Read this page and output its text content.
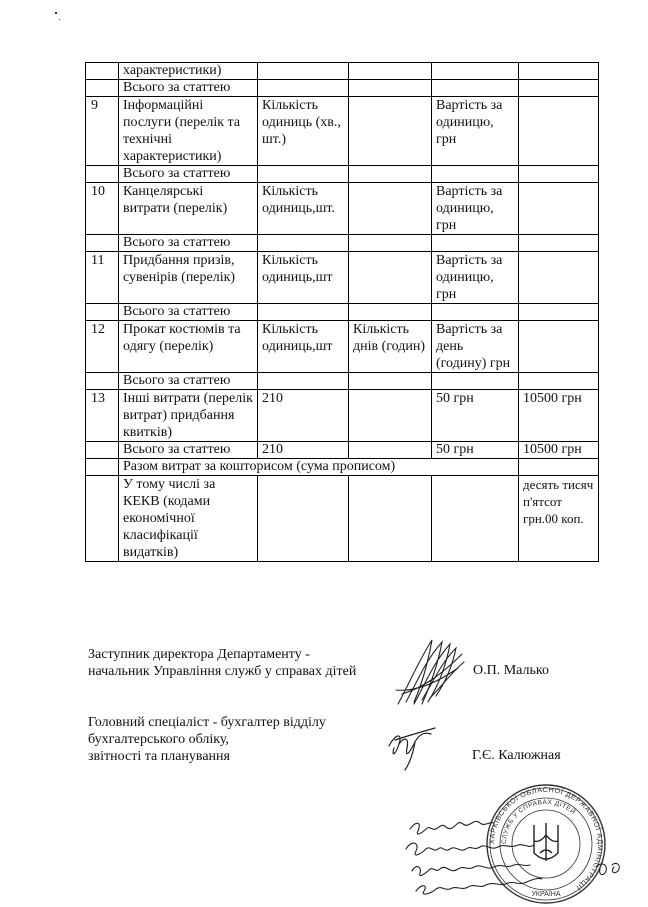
	характеристики)				
	Всього за статтею				
9	Інформаційні послуги (перелік та технічні характеристики)	Кількість одиниць (хв., шт.)		Вартість за одиницю, грн	
	Всього за статтею				
10	Канцелярські витрати (перелік)	Кількість одиниць,шт.		Вартість за одиницю, грн	
	Всього за статтею				
11	Придбання призів, сувенірів (перелік)	Кількість одиниць,шт		Вартість за одиницю, грн	
	Всього за статтею				
12	Прокат костюмів та одягу (перелік)	Кількість одиниць,шт	Кількість днів (годин)	Вартість за день (годину) грн	
	Всього за статтею				
13	Інші витрати (перелік витрат) придбання квитків)	210		50 грн	10500 грн
	Всього за статтею	210		50 грн	10500 грн
	Разом витрат за кошторисом (сума прописом)				
	У тому числі за КЕКВ (кодами економічної класифікації видатків)				десять тисяч п'ятсот грн.00 коп.
Заступник директора Департаменту -
начальник Управління служб у справах дітей	О.П. Малько
Головний спеціаліст - бухгалтер відділу
бухгалтерського обліку,
звітності та планування	Г.Є. Калюжная
ХАРКІВСЬКОЇ ОБЛАСНОЇ ДЕРЖАВНОЇ АДМІНІСТРАЦІЇ
СЛУЖБ У СПРАВАХ ДІТЕЙ
УКРАЇНА
